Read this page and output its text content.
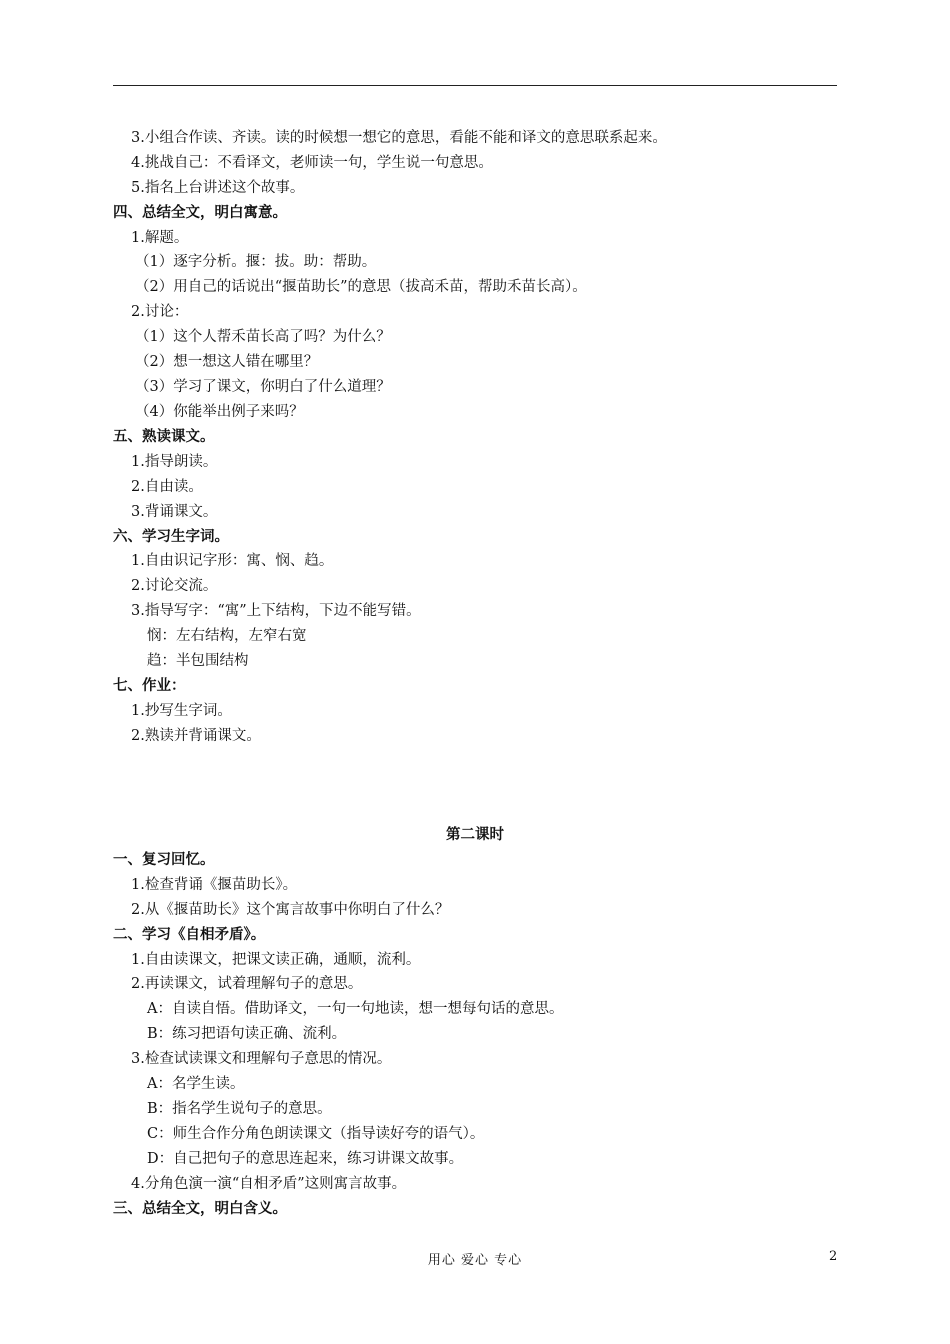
3.小组合作读、齐读。读的时候想一想它的意思，看能不能和译文的意思联系起来。
4.挑战自己：不看译文，老师读一句，学生说一句意思。
5.指名上台讲述这个故事。
四、总结全文，明白寓意。
1.解题。
（1）逐字分析。揠：拔。助：帮助。
（2）用自己的话说出“揠苗助长”的意思（拔高禾苗，帮助禾苗长高）。
2.讨论：
（1）这个人帮禾苗长高了吗？为什么？
（2）想一想这人错在哪里？
（3）学习了课文，你明白了什么道理？
（4）你能举出例子来吗？
五、熟读课文。
1.指导朗读。
2.自由读。
3.背诵课文。
六、学习生字词。
1.自由识记字形：寓、悯、趋。
2.讨论交流。
3.指导写字：“寓”上下结构，下边不能写错。
悯：左右结构，左窄右宽
趋：半包围结构
七、作业：
1.抄写生字词。
2.熟读并背诵课文。
第二课时
一、复习回忆。
1.检查背诵《揠苗助长》。
2.从《揠苗助长》这个寓言故事中你明白了什么？
二、学习《自相矛盾》。
1.自由读课文，把课文读正确，通顺，流利。
2.再读课文，试着理解句子的意思。
A：自读自悟。借助译文，一句一句地读，想一想每句话的意思。
B：练习把语句读正确、流利。
3.检查试读课文和理解句子意思的情况。
A：名学生读。
B：指名学生说句子的意思。
C：师生合作分角色朗读课文（指导读好夸的语气）。
D：自己把句子的意思连起来，练习讲课文故事。
4.分角色演一演“自相矛盾”这则寓言故事。
三、总结全文，明白含义。
用心 爱心 专心	2
